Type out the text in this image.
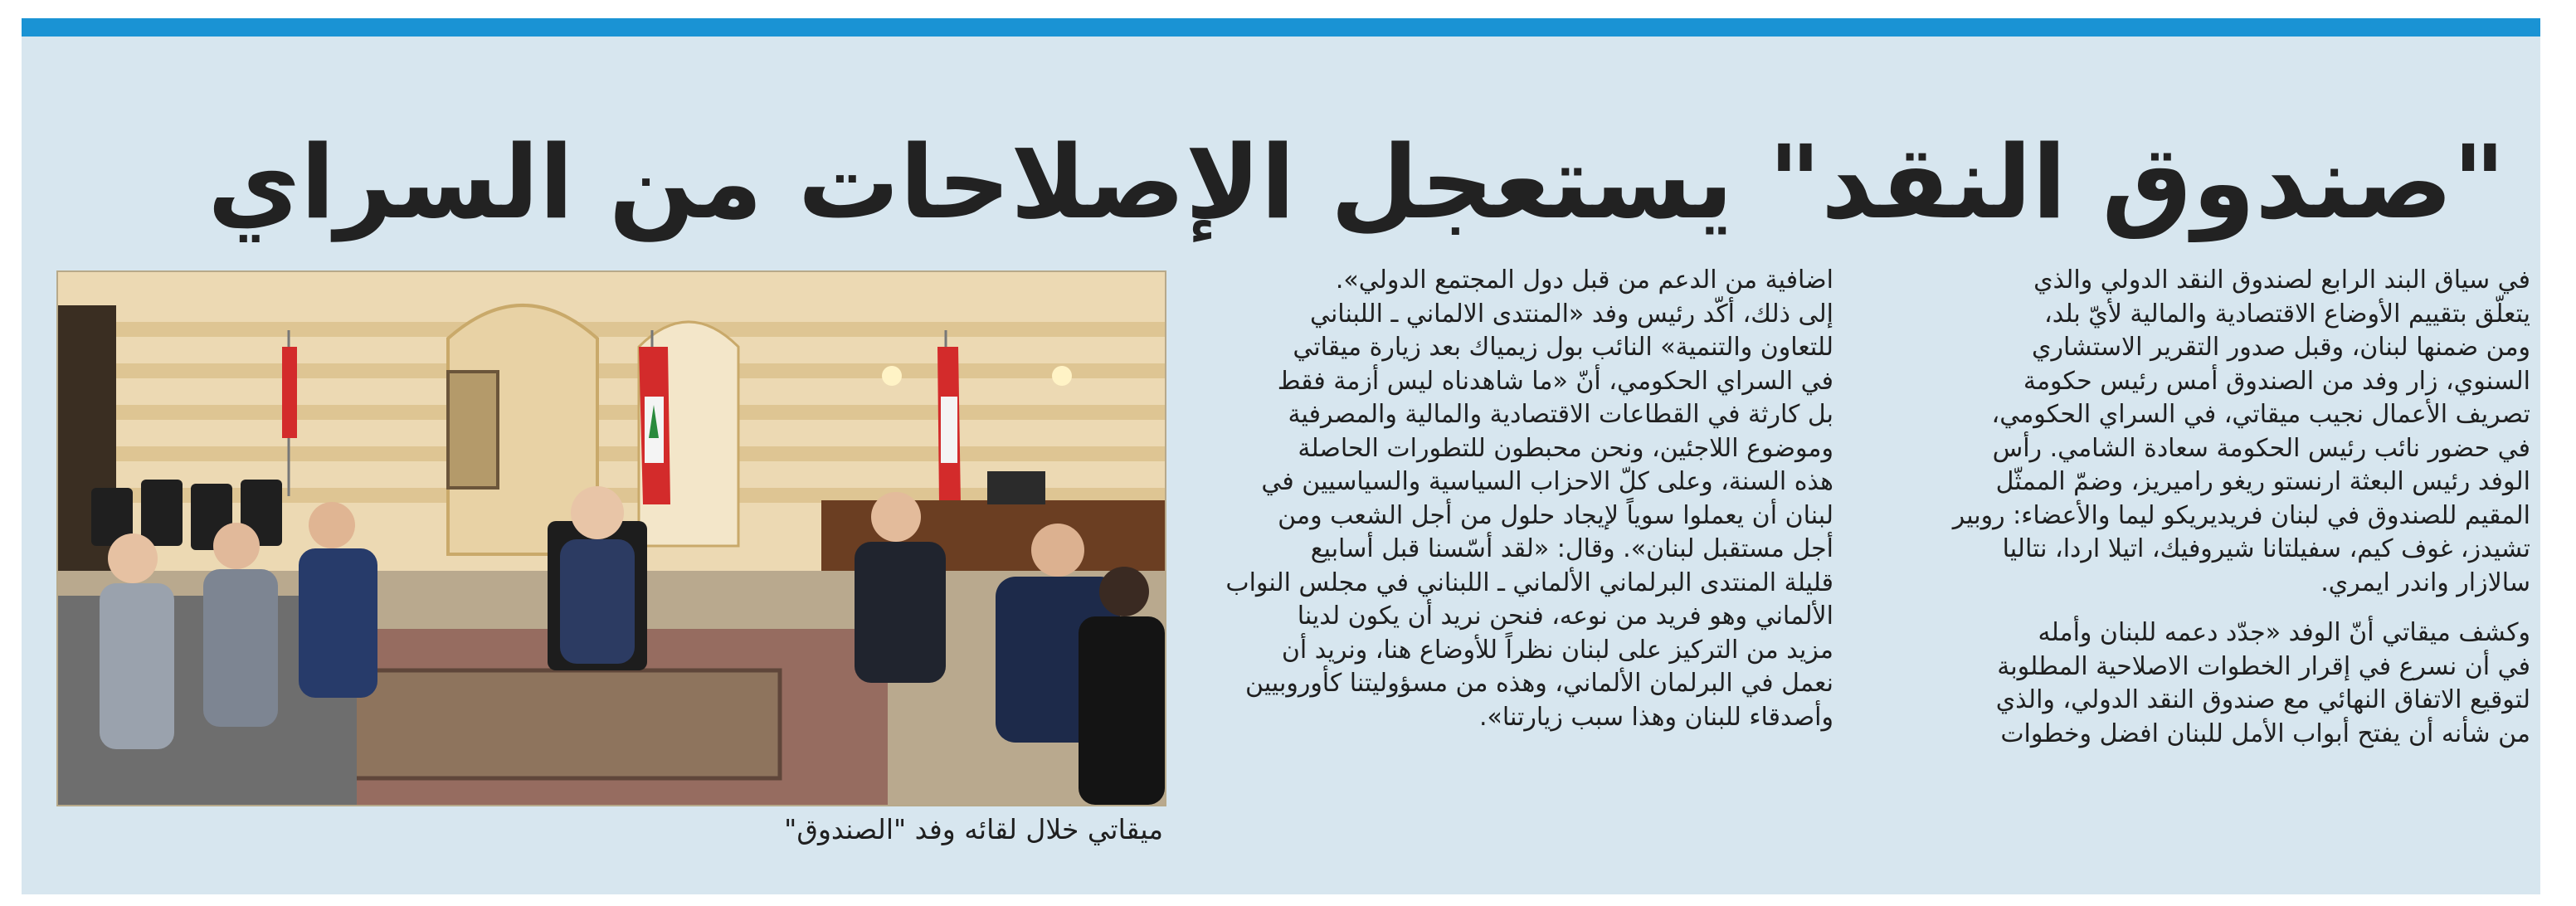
"صندوق النقد" يستعجل الإصلاحات من السراي

في سياق البند الرابع لصندوق النقد الدولي والذي

يتعلّق بتقييم الأوضاع الاقتصادية والمالية لأيّ بلد،

ومن ضمنها لبنان، وقبل صدور التقرير الاستشاري

السنوي، زار وفد من الصندوق أمس رئيس حكومة

تصريف الأعمال نجيب ميقاتي، في السراي الحكومي،

في حضور نائب رئيس الحكومة سعادة الشامي. رأس

الوفد رئيس البعثة ارنستو ريغو راميريز، وضمّ الممثّل

المقيم للصندوق في لبنان فريديريكو ليما والأعضاء: روبير

تشيدز، غوف كيم، سفيلتانا شيروفيك، اتيلا اردا، نتاليا

سالازار واندر ايمري.

وكشف ميقاتي أنّ الوفد «جدّد دعمه للبنان وأمله

في أن نسرع في إقرار الخطوات الاصلاحية المطلوبة

لتوقيع الاتفاق النهائي مع صندوق النقد الدولي، والذي

من شأنه أن يفتح أبواب الأمل للبنان افضل وخطوات

اضافية من الدعم من قبل دول المجتمع الدولي».

إلى ذلك، أكّد رئيس وفد «المنتدى الالماني ـ اللبناني

للتعاون والتنمية» النائب بول زيمياك بعد زيارة ميقاتي

في السراي الحكومي، أنّ «ما شاهدناه ليس أزمة فقط

بل كارثة في القطاعات الاقتصادية والمالية والمصرفية

وموضوع اللاجئين، ونحن محبطون للتطورات الحاصلة

هذه السنة، وعلى كلّ الاحزاب السياسية والسياسيين في

لبنان أن يعملوا سوياً لإيجاد حلول من أجل الشعب ومن

أجل مستقبل لبنان». وقال: «لقد أسّسنا قبل أسابيع

قليلة المنتدى البرلماني الألماني ـ اللبناني في مجلس النواب

الألماني وهو فريد من نوعه، فنحن نريد أن يكون لدينا

مزيد من التركيز على لبنان نظراً للأوضاع هنا، ونريد أن

نعمل في البرلمان الألماني، وهذه من مسؤوليتنا كأوروبيين

وأصدقاء للبنان وهذا سبب زيارتنا».

ميقاتي خلال لقائه وفد "الصندوق"
